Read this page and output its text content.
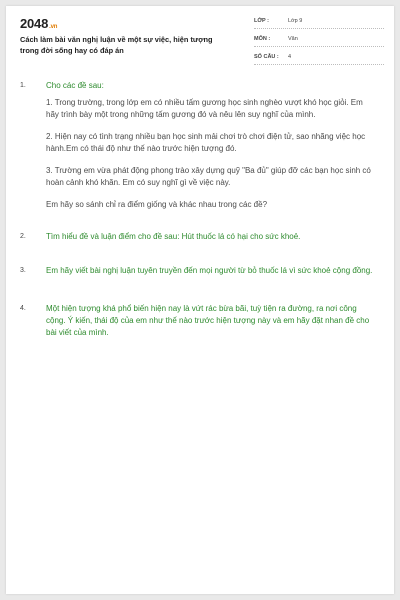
2048.vn
Cách làm bài văn nghị luận về một sự việc, hiện tượng trong đời sống hay có đáp án
LỚP :	Lớp 9
MÔN :	Văn
SỐ CÂU :	4
1.	Cho các đề sau:
1. Trong trường, trong lớp em có nhiều tấm gương học sinh nghèo vượt khó học giỏi. Em hãy trình bày một trong những tấm gương đó và nêu lên suy nghĩ của mình.
2. Hiện nay có tình trạng nhiều bạn học sinh mải chơi trò chơi điện tử, sao nhãng việc học hành.Em có thái độ như thế nào trước hiện tượng đó.
3. Trường em vừa phát động phong trào xây dựng quỹ "Ba đủ" giúp đỡ các bạn học sinh có hoàn cảnh khó khăn. Em có suy nghĩ gì về việc này.
Em hãy so sánh chỉ ra điểm giống và khác nhau trong các đề?
2.	Tìm hiểu đề và luận điểm cho đề sau: Hút thuốc lá có hại cho sức khoẻ.
3.	Em hãy viết bài nghị luận tuyên truyền đến mọi người từ bỏ thuốc lá vì sức khoẻ cộng đồng.
4.	Một hiện tượng khá phổ biến hiện nay là vứt rác bừa bãi, tuỳ tiện ra đường, ra nơi công cộng. Ý kiến, thái độ của em như thế nào trước hiện tượng này và em hãy đặt nhan đề cho bài viết của mình.
